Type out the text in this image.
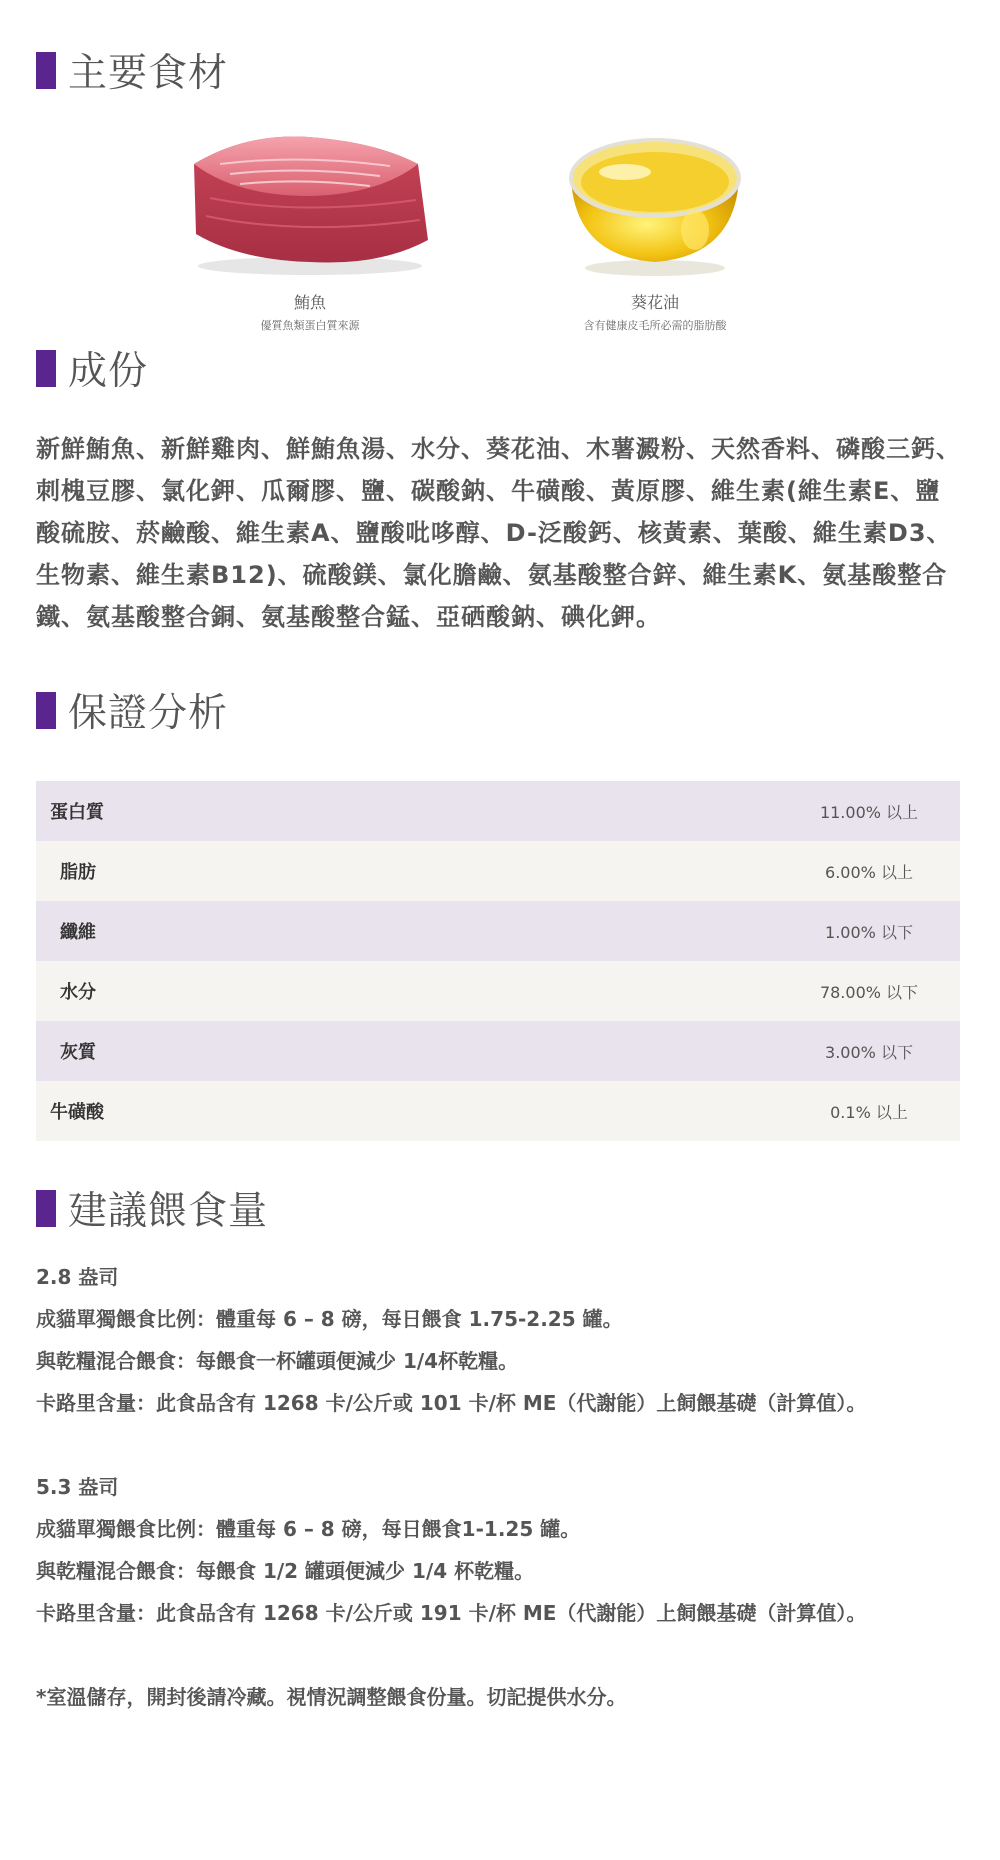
主要食材
鮪魚
優質魚類蛋白質來源
葵花油
含有健康皮毛所必需的脂肪酸
成份
新鮮鮪魚、新鮮雞肉、鮮鮪魚湯、水分、葵花油、木薯澱粉、天然香料、磷酸三鈣、刺槐豆膠、氯化鉀、瓜爾膠、鹽、碳酸鈉、牛磺酸、黃原膠、維生素(維生素E、鹽酸硫胺、菸鹼酸、維生素A、鹽酸吡哆醇、D-泛酸鈣、核黃素、葉酸、維生素D3、生物素、維生素B12)、硫酸鎂、氯化膽鹼、氨基酸整合鋅、維生素K、氨基酸整合鐵、氨基酸整合銅、氨基酸整合錳、亞硒酸鈉、碘化鉀。
保證分析
蛋白質	11.00% 以上
脂肪	6.00% 以上
纖維	1.00% 以下
水分	78.00% 以下
灰質	3.00% 以下
牛磺酸	0.1% 以上
建議餵食量
2.8 盎司
成貓單獨餵食比例：體重每 6 – 8 磅，每日餵食 1.75-2.25 罐。
與乾糧混合餵食：每餵食一杯罐頭便減少 1/4杯乾糧。
卡路里含量：此食品含有 1268 卡/公斤或 101 卡/杯 ME（代謝能）上飼餵基礎（計算值）。
5.3 盎司
成貓單獨餵食比例：體重每 6 – 8 磅，每日餵食1-1.25 罐。
與乾糧混合餵食：每餵食 1/2 罐頭便減少 1/4 杯乾糧。
卡路里含量：此食品含有 1268 卡/公斤或 191 卡/杯 ME（代謝能）上飼餵基礎（計算值）。
*室溫儲存，開封後請冷藏。視情況調整餵食份量。切記提供水分。
